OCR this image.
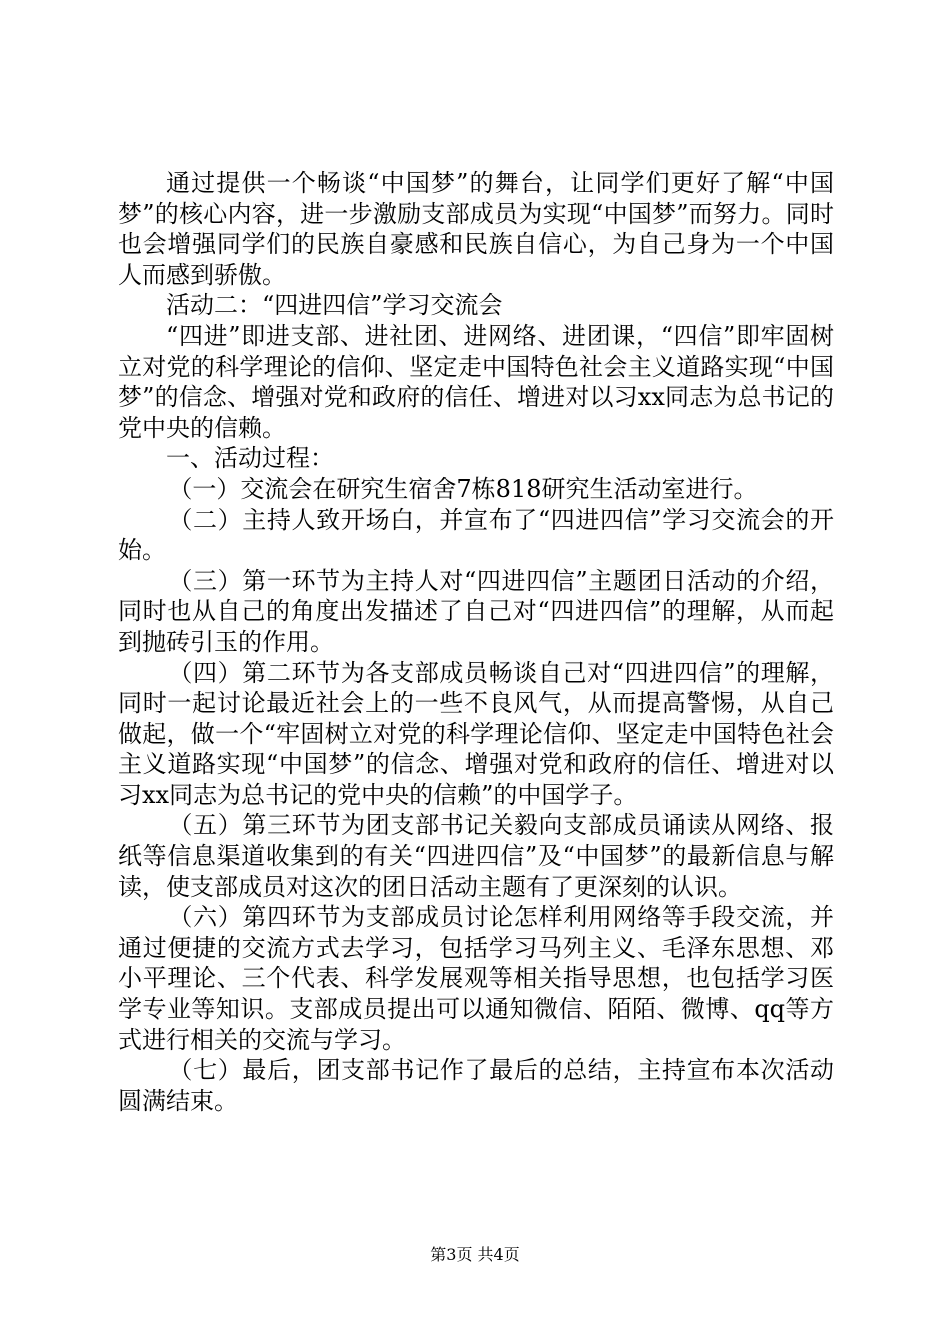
通过提供一个畅谈“中国梦”的舞台，让同学们更好了解“中国梦”的核心内容，进一步激励支部成员为实现“中国梦”而努力。同时也会增强同学们的民族自豪感和民族自信心，为自己身为一个中国人而感到骄傲。

活动二：“四进四信”学习交流会

“四进”即进支部、进社团、进网络、进团课，“四信”即牢固树立对党的科学理论的信仰、坚定走中国特色社会主义道路实现“中国梦”的信念、增强对党和政府的信任、增进对以习xx同志为总书记的党中央的信赖。

一、活动过程：

（一）交流会在研究生宿舍7栋818研究生活动室进行。

（二）主持人致开场白，并宣布了“四进四信”学习交流会的开始。

（三）第一环节为主持人对“四进四信”主题团日活动的介绍，同时也从自己的角度出发描述了自己对“四进四信”的理解，从而起到抛砖引玉的作用。

（四）第二环节为各支部成员畅谈自己对“四进四信”的理解，同时一起讨论最近社会上的一些不良风气，从而提高警惕，从自己做起，做一个“牢固树立对党的科学理论信仰、坚定走中国特色社会主义道路实现“中国梦”的信念、增强对党和政府的信任、增进对以习xx同志为总书记的党中央的信赖”的中国学子。

（五）第三环节为团支部书记关毅向支部成员诵读从网络、报纸等信息渠道收集到的有关“四进四信”及“中国梦”的最新信息与解读，使支部成员对这次的团日活动主题有了更深刻的认识。

（六）第四环节为支部成员讨论怎样利用网络等手段交流，并通过便捷的交流方式去学习，包括学习马列主义、毛泽东思想、邓小平理论、三个代表、科学发展观等相关指导思想，也包括学习医学专业等知识。支部成员提出可以通知微信、陌陌、微博、qq等方式进行相关的交流与学习。

（七）最后，团支部书记作了最后的总结，主持宣布本次活动圆满结束。

第3页 共4页
